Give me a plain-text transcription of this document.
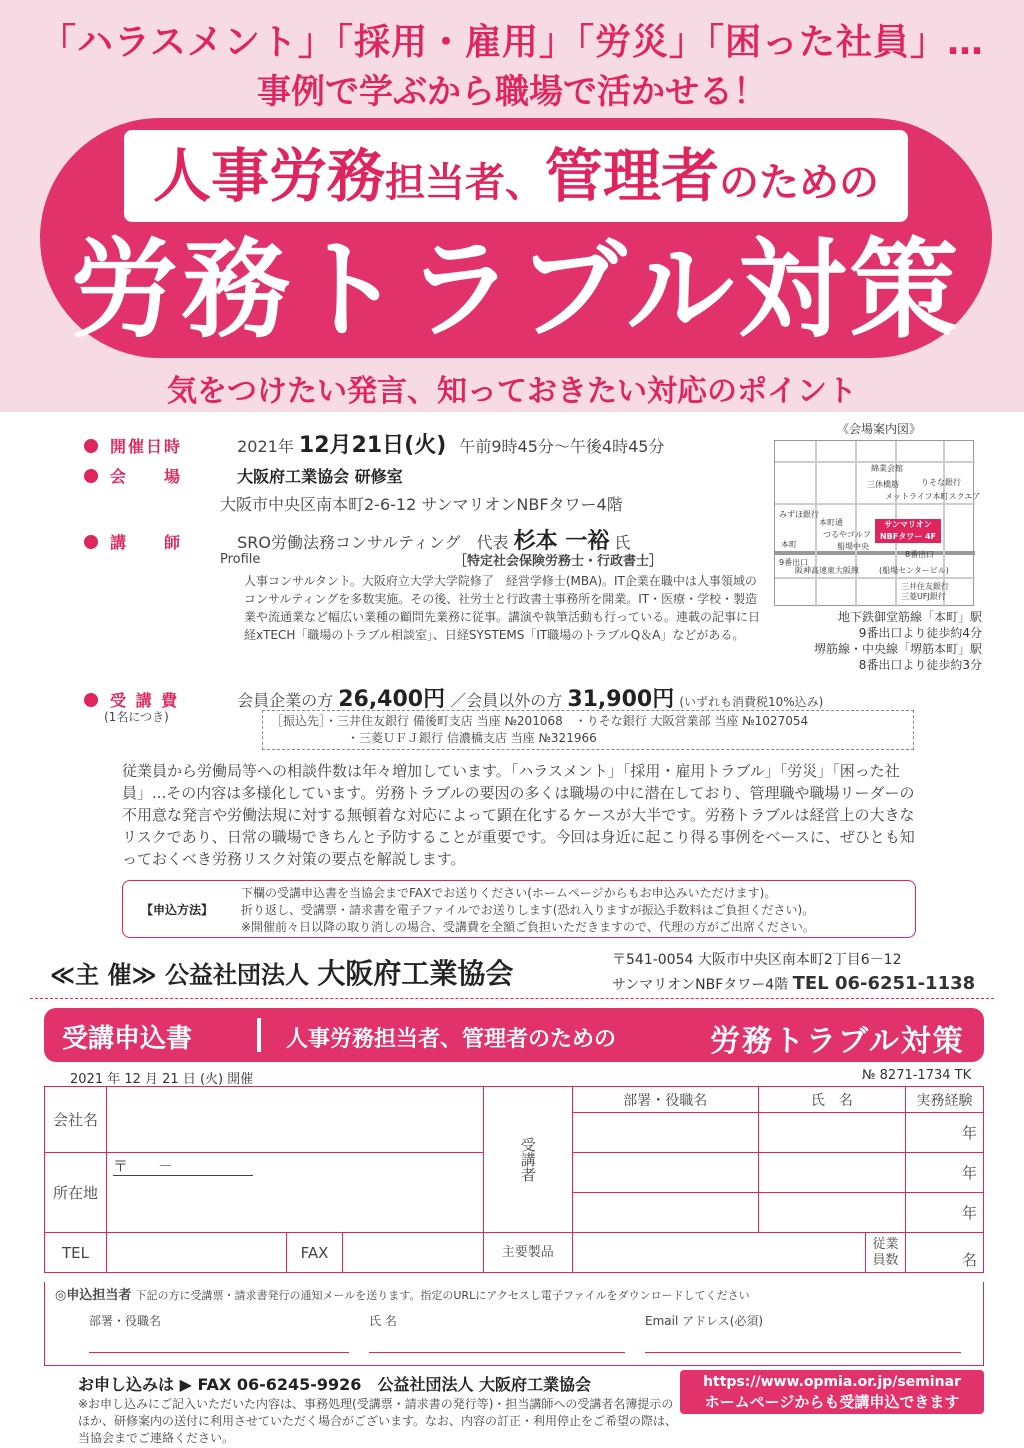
「ハラスメント」「採用・雇用」「労災」「困った社員」…
事例で学ぶから職場で活かせる！
人事労務担当者、管理者のための
労務トラブル対策
気をつけたい発言、知っておきたい対応のポイント
開催日時	2021年 12月21日(火) 午前9時45分～午後4時45分
会　　場	大阪府工業協会 研修室
大阪市中央区南本町2-6-12 サンマリオンNBFタワー4階
講　　師	SRO労働法務コンサルティング　代表 杉本 一裕 氏
Profile	［特定社会保険労務士・行政書士］
人事コンサルタント。大阪府立大学大学院修了　経営学修士(MBA)。IT企業在職中は人事領域のコンサルティングを多数実施。その後、社労士と行政書士事務所を開業。IT・医療・学校・製造業や流通業など幅広い業種の顧問先業務に従事。講演や執筆活動も行っている。連載の記事に日経xTECH「職場のトラブル相談室」、日経SYSTEMS「IT職場のトラブルQ＆A」などがある。
受 講 費	会員企業の方 26,400円 ／会員以外の方 31,900円 (いずれも消費税10%込み)
(1名につき)	［振込先］・三井住友銀行 備後町支店 当座 №201068　・りそな銀行 大阪営業部 当座 №1027054
・三菱ＵＦＪ銀行 信濃橋支店 当座 №321966
《会場案内図》
綿業会館
りそな銀行
三休橋筋
みずほ銀行
本町通
つるやゴルフ
本町	船場中央
9番出口
8番出口
阪神高速東大阪線	(船場センタービル)
三井住友銀行
三菱UFJ銀行
メットライフ本町スクエア
サンマリオン NBFタワー 4F
地下鉄御堂筋線「本町」駅
9番出口より徒歩約4分
堺筋線・中央線「堺筋本町」駅
8番出口より徒歩約3分
従業員から労働局等への相談件数は年々増加しています。「ハラスメント」「採用・雇用トラブル」「労災」「困った社員」...その内容は多様化しています。労務トラブルの要因の多くは職場の中に潜在しており、管理職や職場リーダーの不用意な発言や労働法規に対する無頓着な対応によって顕在化するケースが大半です。労務トラブルは経営上の大きなリスクであり、日常の職場できちんと予防することが重要です。今回は身近に起こり得る事例をベースに、ぜひとも知っておくべき労務リスク対策の要点を解説します。
【申込方法】
下欄の受講申込書を当協会までFAXでお送りください(ホームページからもお申込みいただけます)。
折り返し、受講票・請求書を電子ファイルでお送りします(恐れ入りますが振込手数料はご負担ください)。
※開催前々日以降の取り消しの場合、受講費を全額ご負担いただきますので、代理の方がご出席ください。
≪主 催≫ 公益社団法人 大阪府工業協会	〒541-0054 大阪市中央区南本町2丁目6－12
サンマリオンNBFタワー4階 TEL 06-6251-1138
受講申込書	人事労務担当者、管理者のための	労務トラブル対策
2021 年 12 月 21 日 (火) 開催	№ 8271-1734 TK
会社名				受講者	部署・役職名	氏　名		実務経験
								年
所在地	〒　　－							年
								年
TEL		FAX		主要製品			従業員数	名
◎申込担当者 下記の方に受講票・請求書発行の通知メールを送ります。指定のURLにアクセスし電子ファイルをダウンロードしてください
部署・役職名	氏 名	Email アドレス(必須)
お申し込みは ▶ FAX 06-6245-9926　公益社団法人 大阪府工業協会	https://www.opmia.or.jp/seminar
ホームページからも受講申込できます
※お申し込みにご記入いただいた内容は、事務処理(受講票・請求書の発行等)・担当講師への受講者名簿提示のほか、研修案内の送付に利用させていただく場合がございます。なお、内容の訂正・利用停止をご希望の際は、当協会までご連絡ください。
